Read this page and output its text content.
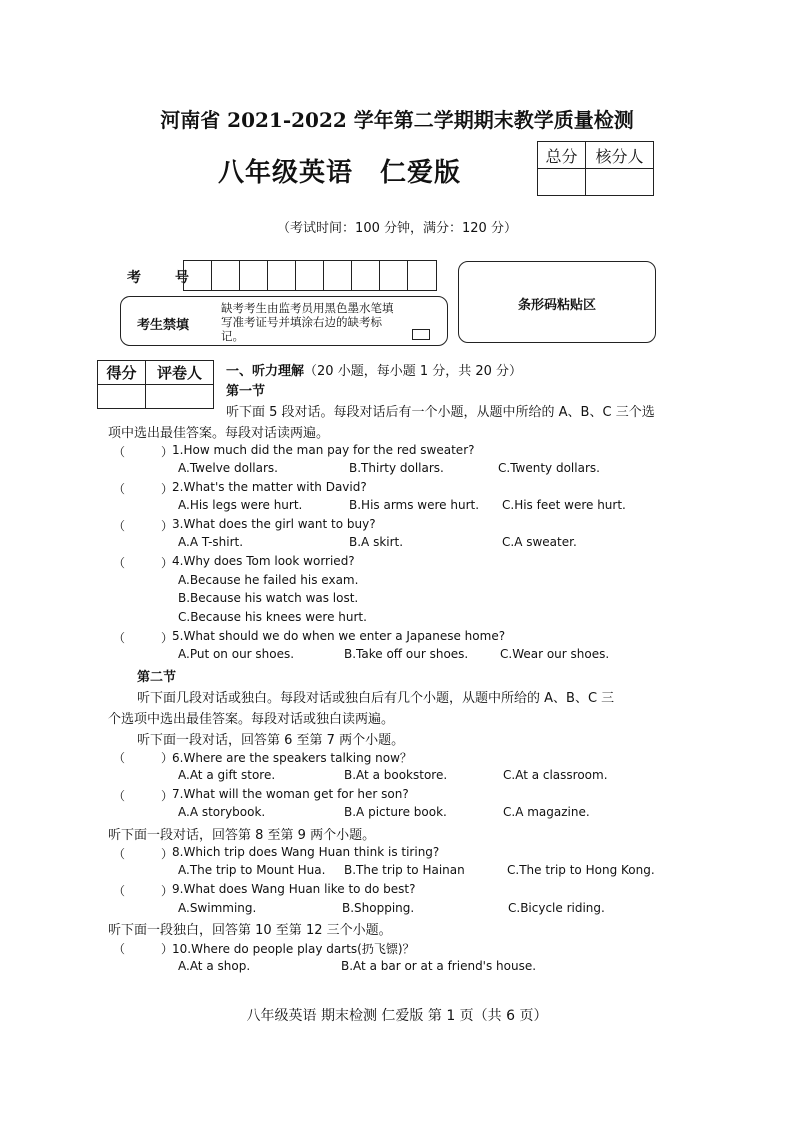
河南省 2021-2022 学年第二学期期末教学质量检测
八年级英语　仁爱版
总分	核分人

（考试时间：100 分钟，满分：120 分）
考　号
考生禁填
缺考考生由监考员用黑色墨水笔填写准考证号并填涂右边的缺考标记。
条形码粘贴区
得分	评卷人
	一、听力理解（20 小题，每小题 1 分，共 20 分）
第一节
听下面 5 段对话。每段对话后有一个小题，从题中所给的 A、B、C 三个选
项中选出最佳答案。每段对话读两遍。
（　　　）
1.How much did the man pay for the red sweater?
A.Twelve dollars.	B.Thirty dollars.	C.Twenty dollars.
（　　　）
2.What's the matter with David?
A.His legs were hurt.	B.His arms were hurt. C.His feet were hurt.
（　　　）
3.What does the girl want to buy?
A.A T-shirt.	B.A skirt.	C.A sweater.
（　　　）
4.Why does Tom look worried?
A.Because he failed his exam.
B.Because his watch was lost.
C.Because his knees were hurt.
（　　　）
5.What should we do when we enter a Japanese home?
A.Put on our shoes.	B.Take off our shoes.	C.Wear our shoes.
第二节
听下面几段对话或独白。每段对话或独白后有几个小题，从题中所给的 A、B、C 三
个选项中选出最佳答案。每段对话或独白读两遍。
听下面一段对话，回答第 6 至第 7 两个小题。
（　　　）
6.Where are the speakers talking now？
A.At a gift store.	B.At a bookstore.	C.At a classroom.
（　　　）
7.What will the woman get for her son?
A.A storybook.	B.A picture book.	C.A magazine.
听下面一段对话，回答第 8 至第 9 两个小题。
（　　　）
8.Which trip does Wang Huan think is tiring?
A.The trip to Mount Hua. B.The trip to Hainan	C.The trip to Hong Kong.
（　　　）
9.What does Wang Huan like to do best?
A.Swimming.	B.Shopping.	C.Bicycle riding.
听下面一段独白，回答第 10 至第 12 三个小题。
（　　　）
10.Where do people play darts(扔飞镖)？
A.At a shop.	B.At a bar or at a friend's house.
八年级英语 期末检测 仁爱版 第 1 页（共 6 页）
